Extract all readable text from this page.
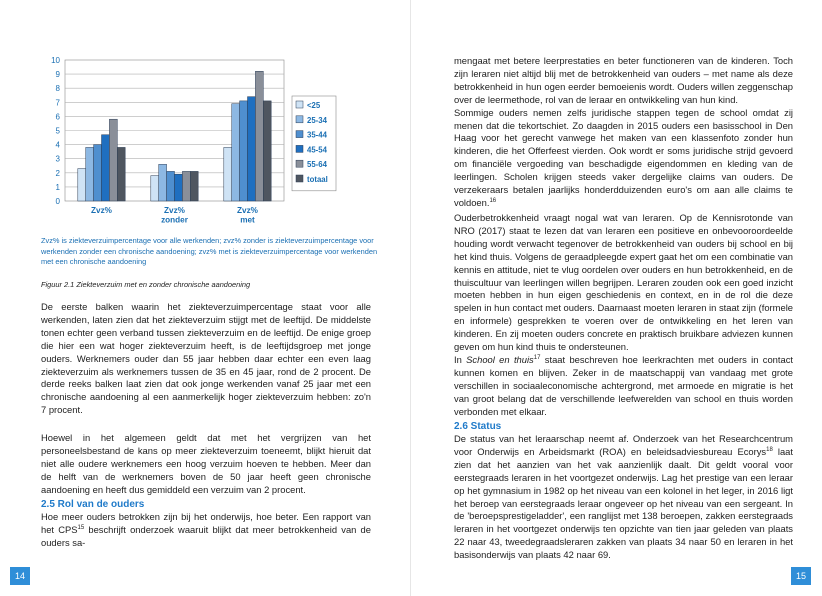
0
1
2
3
4
5
6
7
8
9
10
Zvz%	Zvz%
zonder
Zvz%
met
<25
25-34
35-44
45-54
55-64
totaal
Zvz% is ziekteverzuimpercentage voor alle werkenden; zvz% zonder is ziekteverzuimpercentage voor werkenden zonder een chronische aandoening; zvz% met is ziekteverzuimpercentage voor werkenden met een chronische aandoening
Figuur 2.1 Ziekteverzuim met en zonder chronische aandoening

De eerste balken waarin het ziekteverzuimpercentage staat voor alle werkenden, laten zien dat het ziekteverzuim stijgt met de leeftijd. De middelste tonen echter geen verband tussen ziekteverzuim en de leeftijd. De enige groep die hier een wat hoger ziekteverzuim heeft, is de leeftijdsgroep met jonge ouders. Werknemers ouder dan 55 jaar hebben daar echter een even laag ziekteverzuim als werknemers tussen de 35 en 45 jaar, rond de 2 procent. De derde reeks balken laat zien dat ook jonge werkenden vanaf 25 jaar met een chronische aandoening al een aanmerkelijk hoger ziekteverzuim hebben: zo'n 7 procent.

Hoewel in het algemeen geldt dat met het vergrijzen van het personeelsbestand de kans op meer ziekteverzuim toeneemt, blijkt hieruit dat niet alle oudere werknemers een hoog verzuim hoeven te hebben. Meer dan de helft van de werknemers boven de 50 jaar heeft geen chronische aandoening en heeft dus gemiddeld een verzuim van 2 procent.

2.5 Rol van de ouders

Hoe meer ouders betrokken zijn bij het onderwijs, hoe beter. Een rapport van het CPS$^{15}$ beschrijft onderzoek waaruit blijkt dat meer betrokkenheid van de ouders sa-

14

mengaat met betere leerprestaties en beter functioneren van de kinderen. Toch zijn leraren niet altijd blij met de betrokkenheid van ouders – met name als deze betrokkenheid in hun ogen eerder bemoeienis wordt. Ouders willen zeggenschap over de leermethode, rol van de leraar en ontwikkeling van hun kind.

Sommige ouders nemen zelfs juridische stappen tegen de school omdat zij menen dat die tekortschiet. Zo daagden in 2015 ouders een basisschool in Den Haag voor het gerecht vanwege het maken van een klassenfoto zonder hun kinderen, die het Offerfeest vierden. Ook wordt er soms juridische strijd gevoerd om financiële vergoeding van beschadigde eigendommen en kleding van de leerlingen. Scholen krijgen steeds vaker dergelijke claims van ouders. De verzekeraars betalen jaarlijks honderdduizenden euro's om aan alle claims te voldoen.$^{16}$

Ouderbetrokkenheid vraagt nogal wat van leraren. Op de Kennisrotonde van NRO (2017) staat te lezen dat van leraren een positieve en onbevooroordeelde houding wordt verwacht tegenover de betrokkenheid van ouders bij school en bij het kind thuis. Volgens de geraadpleegde expert gaat het om een combinatie van kennis en attitude, niet te vlug oordelen over ouders en hun betrokkenheid, en de thuiscultuur van leerlingen willen begrijpen. Leraren zouden ook een goed inzicht moeten hebben in hun eigen geschiedenis en context, en in de rol die deze spelen in hun contact met ouders. Daarnaast moeten leraren in staat zijn (formele en informele) gesprekken te voeren over de ontwikkeling en het leren van kinderen. En zij moeten ouders concrete en praktisch bruikbare adviezen kunnen geven om hun kind thuis te ondersteunen.

In School en thuis$^{17}$ staat beschreven hoe leerkrachten met ouders in contact kunnen komen en blijven. Zeker in de maatschappij van vandaag met grote verschillen in sociaaleconomische achtergrond, met armoede en migratie is het van groot belang dat de verschillende leefwerelden van school en thuis worden verbonden met elkaar.

2.6 Status

De status van het leraarschap neemt af. Onderzoek van het Researchcentrum voor Onderwijs en Arbeidsmarkt (ROA) en beleidsadviesbureau Ecorys$^{18}$ laat zien dat het aanzien van het vak aanzienlijk daalt. Dit geldt vooral voor eerstegraads leraren in het voortgezet onderwijs. Lag het prestige van een leraar op het gymnasium in 1982 op het niveau van een kolonel in het leger, in 2016 ligt het beroep van eerstegraads leraar ongeveer op het niveau van een sergeant. In de 'beroepsprestigeladder', een ranglijst met 138 beroepen, zakken eerstegraads leraren in het voortgezet onderwijs ten opzichte van tien jaar geleden van plaats 22 naar 43, tweedegraadsleraren zakken van plaats 34 naar 50 en leraren in het basisonderwijs van plaats 42 naar 69.

15
